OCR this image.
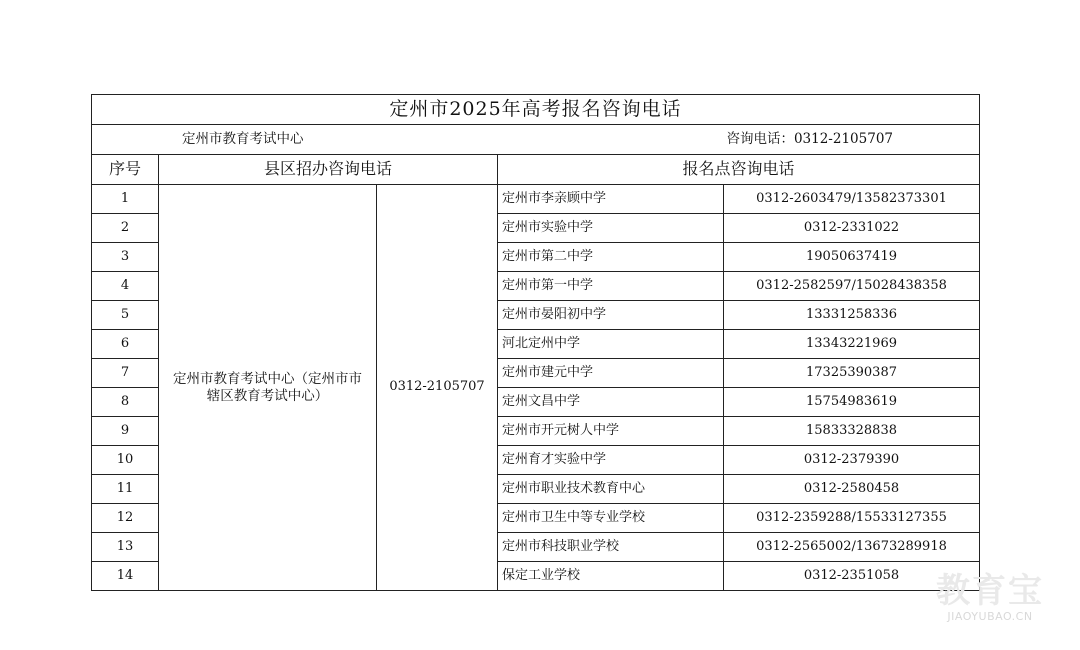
定州市2025年高考报名咨询电话				

定州市教育考试中心 咨询电话：0312-2105707				

序号	县区招办咨询电话		报名点咨询电话	
1	定州市教育考试中心（定州市市辖区教育考试中心）	0312-2105707	定州市李亲顾中学	0312-2603479/13582373301
2			定州市实验中学	0312-2331022
3			定州市第二中学	19050637419
4			定州市第一中学	0312-2582597/15028438358
5			定州市晏阳初中学	13331258336
6			河北定州中学	13343221969
7			定州市建元中学	17325390387
8			定州文昌中学	15754983619
9			定州市开元树人中学	15833328838
10			定州育才实验中学	0312-2379390
11			定州市职业技术教育中心	0312-2580458
12			定州市卫生中等专业学校	0312-2359288/15533127355
13			定州市科技职业学校	0312-2565002/13673289918
14			保定工业学校	0312-2351058	教育宝
JIAOYUBAO.CN
